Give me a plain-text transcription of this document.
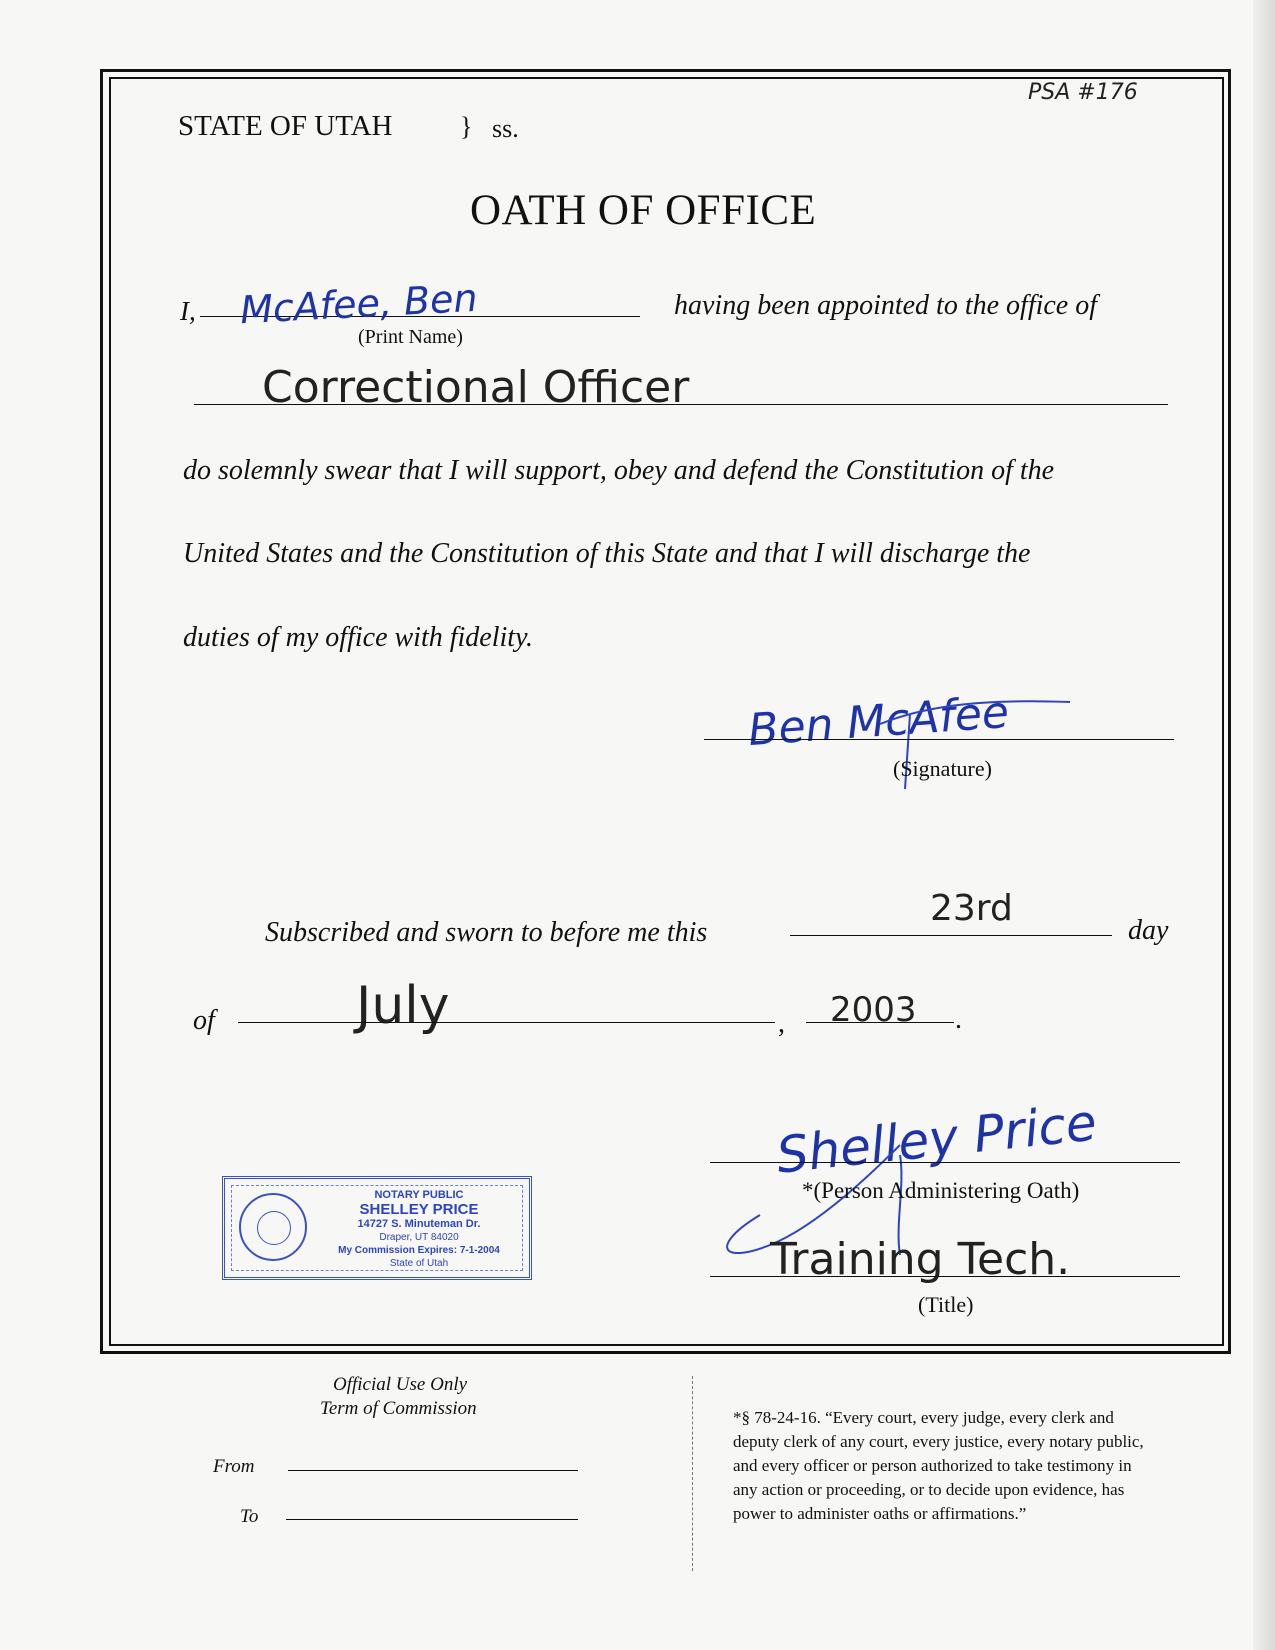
PSA #176
STATE OF UTAH	} ss.
OATH OF OFFICE
I, McAfee, Ben
(Print Name)
having been appointed to the office of
Correctional Officer
do solemnly swear that I will support, obey and defend the Constitution of the
United States and the Constitution of this State and that I will discharge the
duties of my office with fidelity.
Ben McAfee
(Signature)
Subscribed and sworn to before me this
23rd
day
of	July	, 2003 .
Shelley Price
*(Person Administering Oath)
Training Tech.
(Title)
NOTARY PUBLIC
SHELLEY PRICE
14727 S. Minuteman Dr.
Draper, UT 84020
My Commission Expires: 7-1-2004
State of Utah
Official Use Only
Term of Commission
From
To
*§ 78-24-16. “Every court, every judge, every clerk and
deputy clerk of any court, every justice, every notary public,
and every officer or person authorized to take testimony in
any action or proceeding, or to decide upon evidence, has
power to administer oaths or affirmations.”
